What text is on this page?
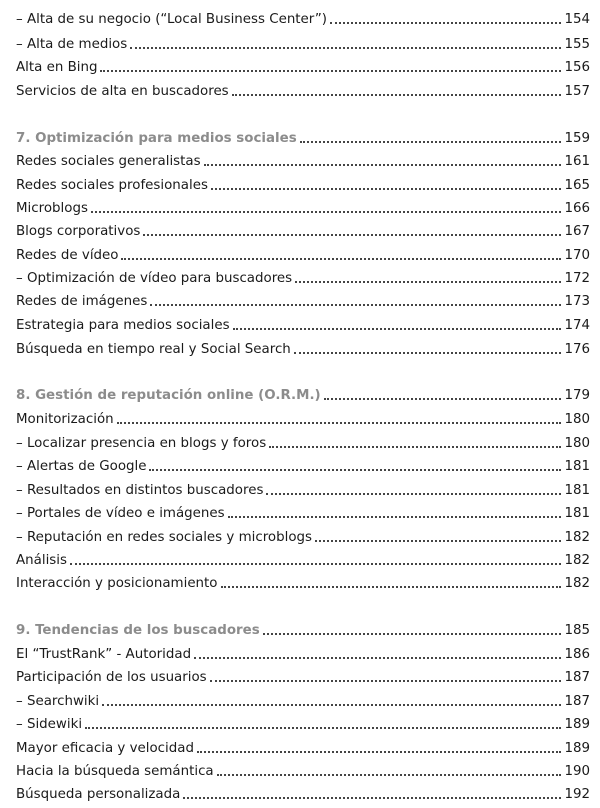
– Alta de su negocio (“Local Business Center”)	154
– Alta de medios	155
Alta en Bing	156
Servicios de alta en buscadores	157
7. Optimización para medios sociales	159
Redes sociales generalistas	161
Redes sociales profesionales	165
Microblogs	166
Blogs corporativos	167
Redes de vídeo	170
– Optimización de vídeo para buscadores	172
Redes de imágenes	173
Estrategia para medios sociales	174
Búsqueda en tiempo real y Social Search	176
8. Gestión de reputación online (O.R.M.)	179
Monitorización	180
– Localizar presencia en blogs y foros	180
– Alertas de Google	181
– Resultados en distintos buscadores	181
– Portales de vídeo e imágenes	181
– Reputación en redes sociales y microblogs	182
Análisis	182
Interacción y posicionamiento	182
9. Tendencias de los buscadores	185
El “TrustRank” - Autoridad	186
Participación de los usuarios	187
– Searchwiki	187
– Sidewiki	189
Mayor eficacia y velocidad	189
Hacia la búsqueda semántica	190
Búsqueda personalizada	192
